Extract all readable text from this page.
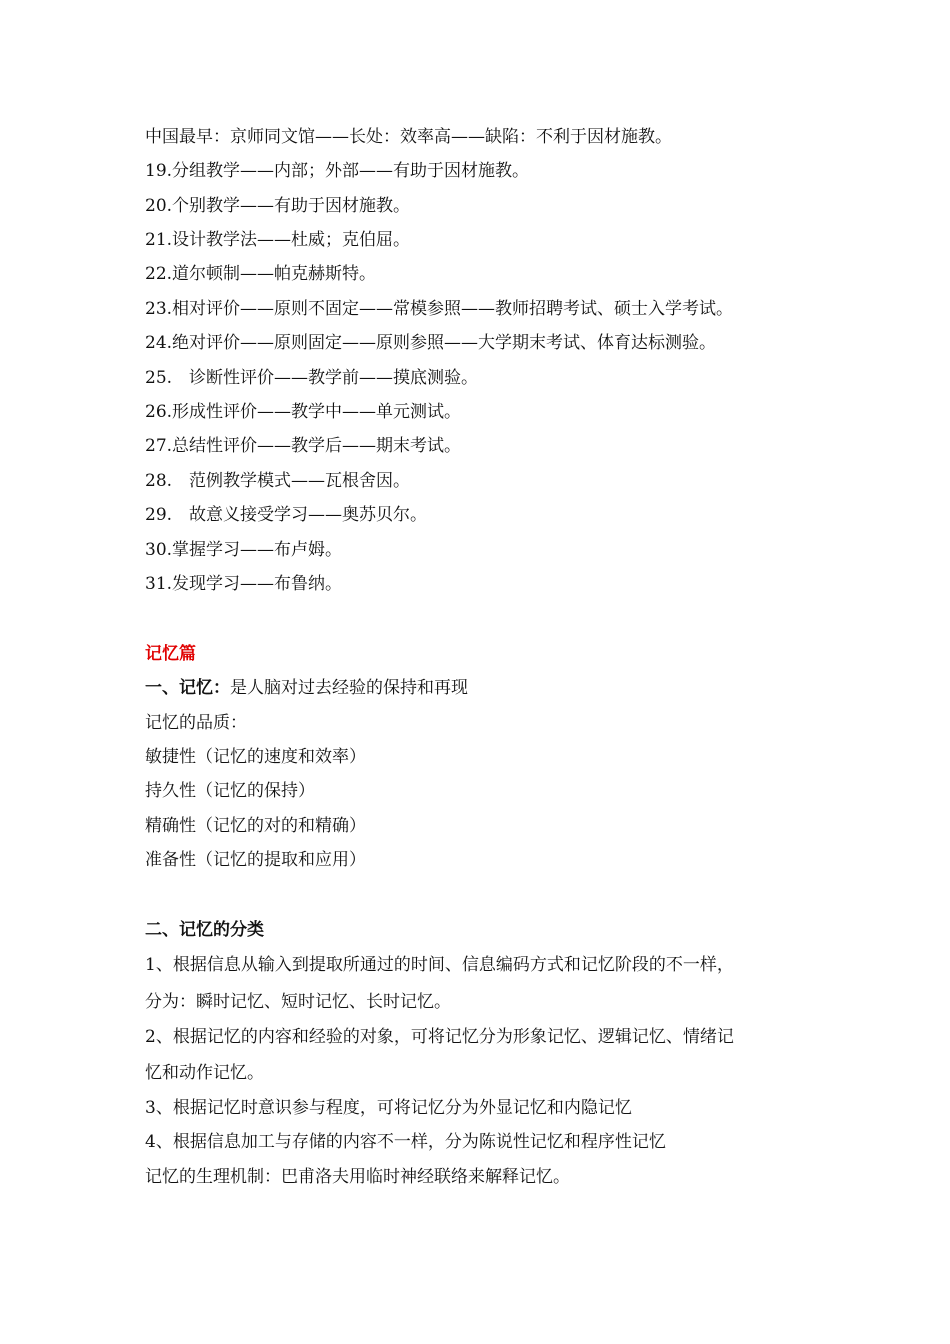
中国最早：京师同文馆——长处：效率高——缺陷：不利于因材施教。
19.分组教学——内部；外部——有助于因材施教。
20.个别教学——有助于因材施教。
21.设计教学法——杜威；克伯屈。
22.道尔顿制——帕克赫斯特。
23.相对评价——原则不固定——常模参照——教师招聘考试、硕士入学考试。
24.绝对评价——原则固定——原则参照——大学期末考试、体育达标测验。
25.　诊断性评价——教学前——摸底测验。
26.形成性评价——教学中——单元测试。
27.总结性评价——教学后——期末考试。
28.　范例教学模式——瓦根舍因。
29.　故意义接受学习——奥苏贝尔。
30.掌握学习——布卢姆。
31.发现学习——布鲁纳。
记忆篇
一、记忆：是人脑对过去经验的保持和再现
记忆的品质：
敏捷性（记忆的速度和效率）
持久性（记忆的保持）
精确性（记忆的对的和精确）
准备性（记忆的提取和应用）
二、记忆的分类
1、根据信息从输入到提取所通过的时间、信息编码方式和记忆阶段的不一样，
分为：瞬时记忆、短时记忆、长时记忆。
2、根据记忆的内容和经验的对象，可将记忆分为形象记忆、逻辑记忆、情绪记
忆和动作记忆。
3、根据记忆时意识参与程度，可将记忆分为外显记忆和内隐记忆
4、根据信息加工与存储的内容不一样，分为陈说性记忆和程序性记忆
记忆的生理机制：巴甫洛夫用临时神经联络来解释记忆。
